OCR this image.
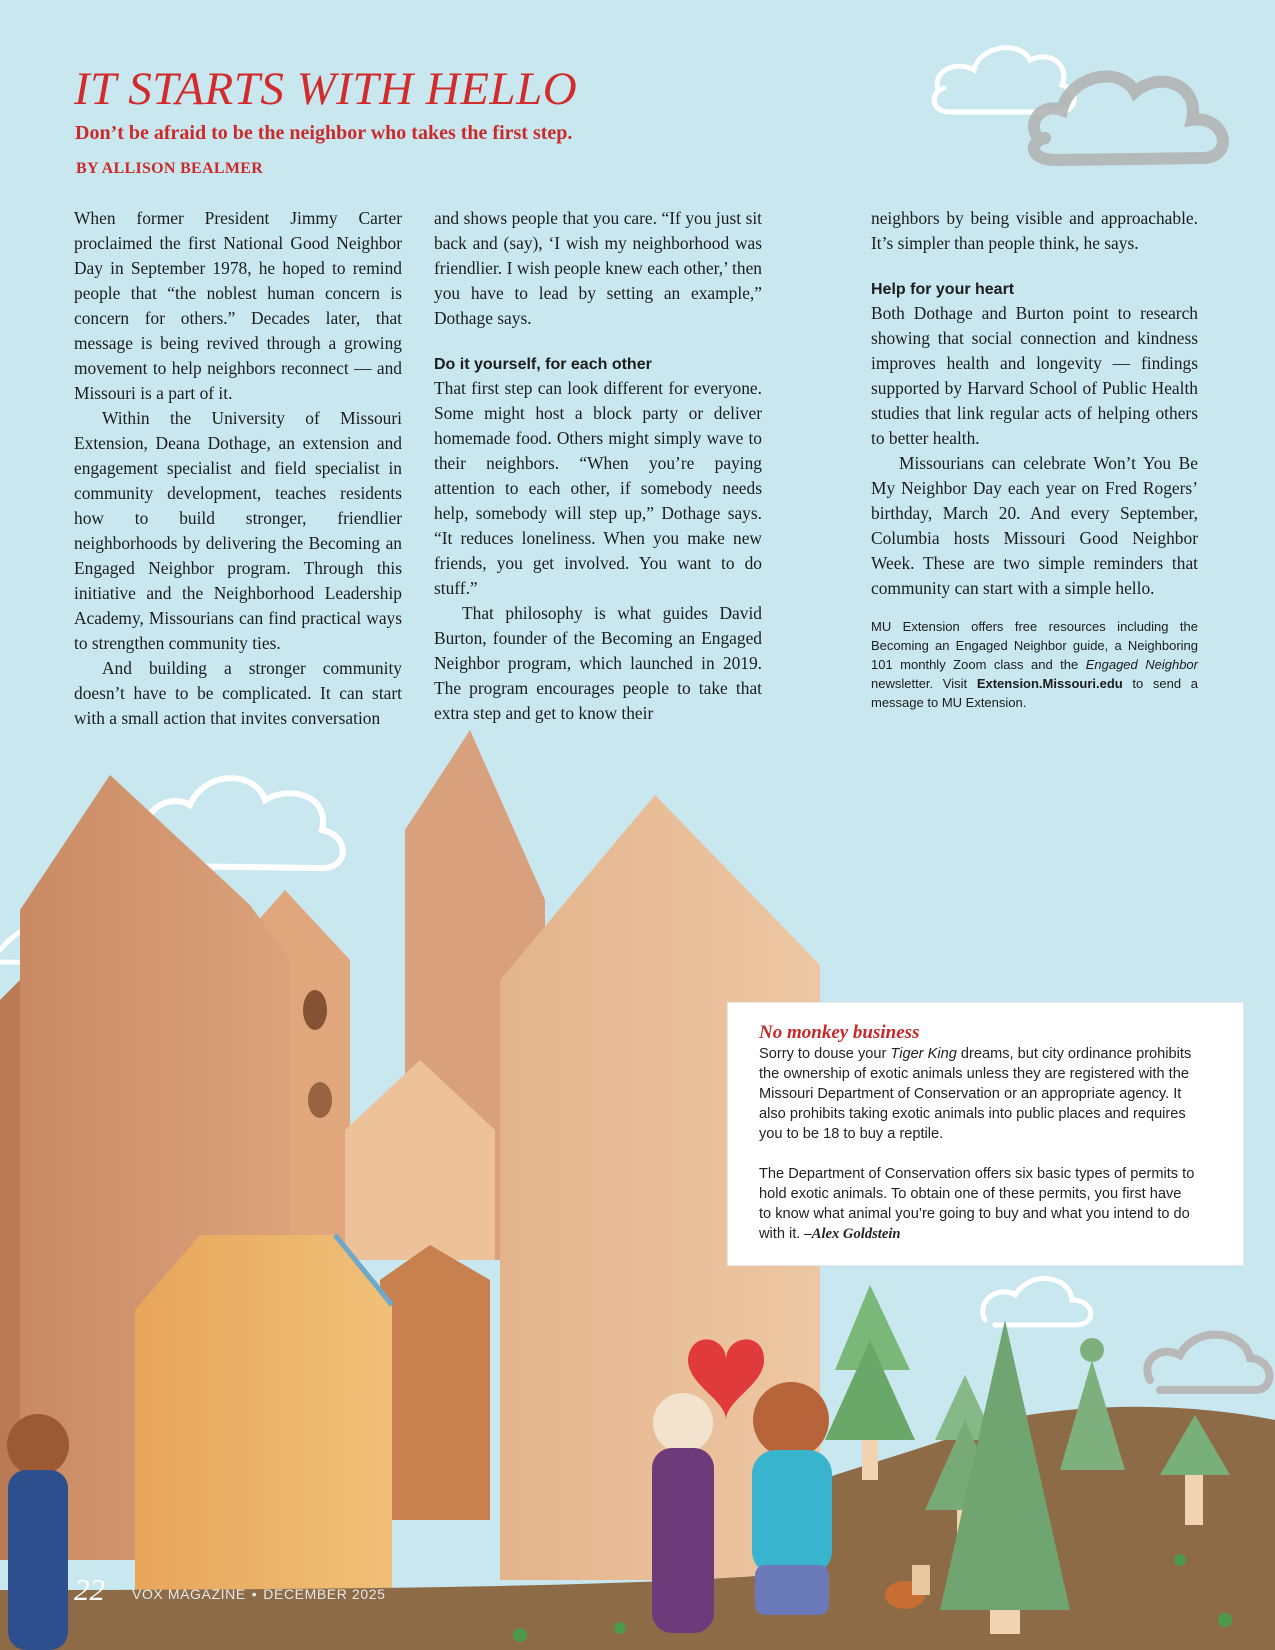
IT STARTS WITH HELLO
Don’t be afraid to be the neighbor who takes the first step.
BY ALLISON BEALMER

When former President Jimmy Carter proclaimed the first National Good Neighbor Day in September 1978, he hoped to remind people that “the noblest human concern is concern for others.” Decades later, that message is being revived through a growing movement to help neighbors reconnect — and Missouri is a part of it.

Within the University of Missouri Extension, Deana Dothage, an extension and engagement specialist and field specialist in community development, teaches residents how to build stronger, friendlier neighborhoods by delivering the Becoming an Engaged Neighbor program. Through this initiative and the Neighborhood Leadership Academy, Missourians can find practical ways to strengthen community ties.

And building a stronger community doesn’t have to be complicated. It can start with a small action that invites conversation

and shows people that you care. “If you just sit back and (say), ‘I wish my neighborhood was friendlier. I wish people knew each other,’ then you have to lead by setting an example,” Dothage says.

Do it yourself, for each other

That first step can look different for everyone. Some might host a block party or deliver homemade food. Others might simply wave to their neighbors. “When you’re paying attention to each other, if somebody needs help, somebody will step up,” Dothage says. “It reduces loneliness. When you make new friends, you get involved. You want to do stuff.”

That philosophy is what guides David Burton, founder of the Becoming an Engaged Neighbor program, which launched in 2019. The program encourages people to take that extra step and get to know their

neighbors by being visible and approachable. It’s simpler than people think, he says.

Help for your heart

Both Dothage and Burton point to research showing that social connection and kindness improves health and longevity — findings supported by Harvard School of Public Health studies that link regular acts of helping others to better health.

Missourians can celebrate Won’t You Be My Neighbor Day each year on Fred Rogers’ birthday, March 20. And every September, Columbia hosts Missouri Good Neighbor Week. These are two simple reminders that community can start with a simple hello.

MU Extension offers free resources including the Becoming an Engaged Neighbor guide, a Neighboring 101 monthly Zoom class and the Engaged Neighbor newsletter. Visit Extension.Missouri.edu to send a message to MU Extension.
No monkey business

Sorry to douse your Tiger King dreams, but city ordinance prohibits the ownership of exotic animals unless they are registered with the Missouri Department of Conservation or an appropriate agency. It also prohibits taking exotic animals into public places and requires you to be 18 to buy a reptile.

The Department of Conservation offers six basic types of permits to hold exotic animals. To obtain one of these permits, you first have to know what animal you’re going to buy and what you intend to do with it. –Alex Goldstein

22 VOX MAGAZINE • DECEMBER 2025
